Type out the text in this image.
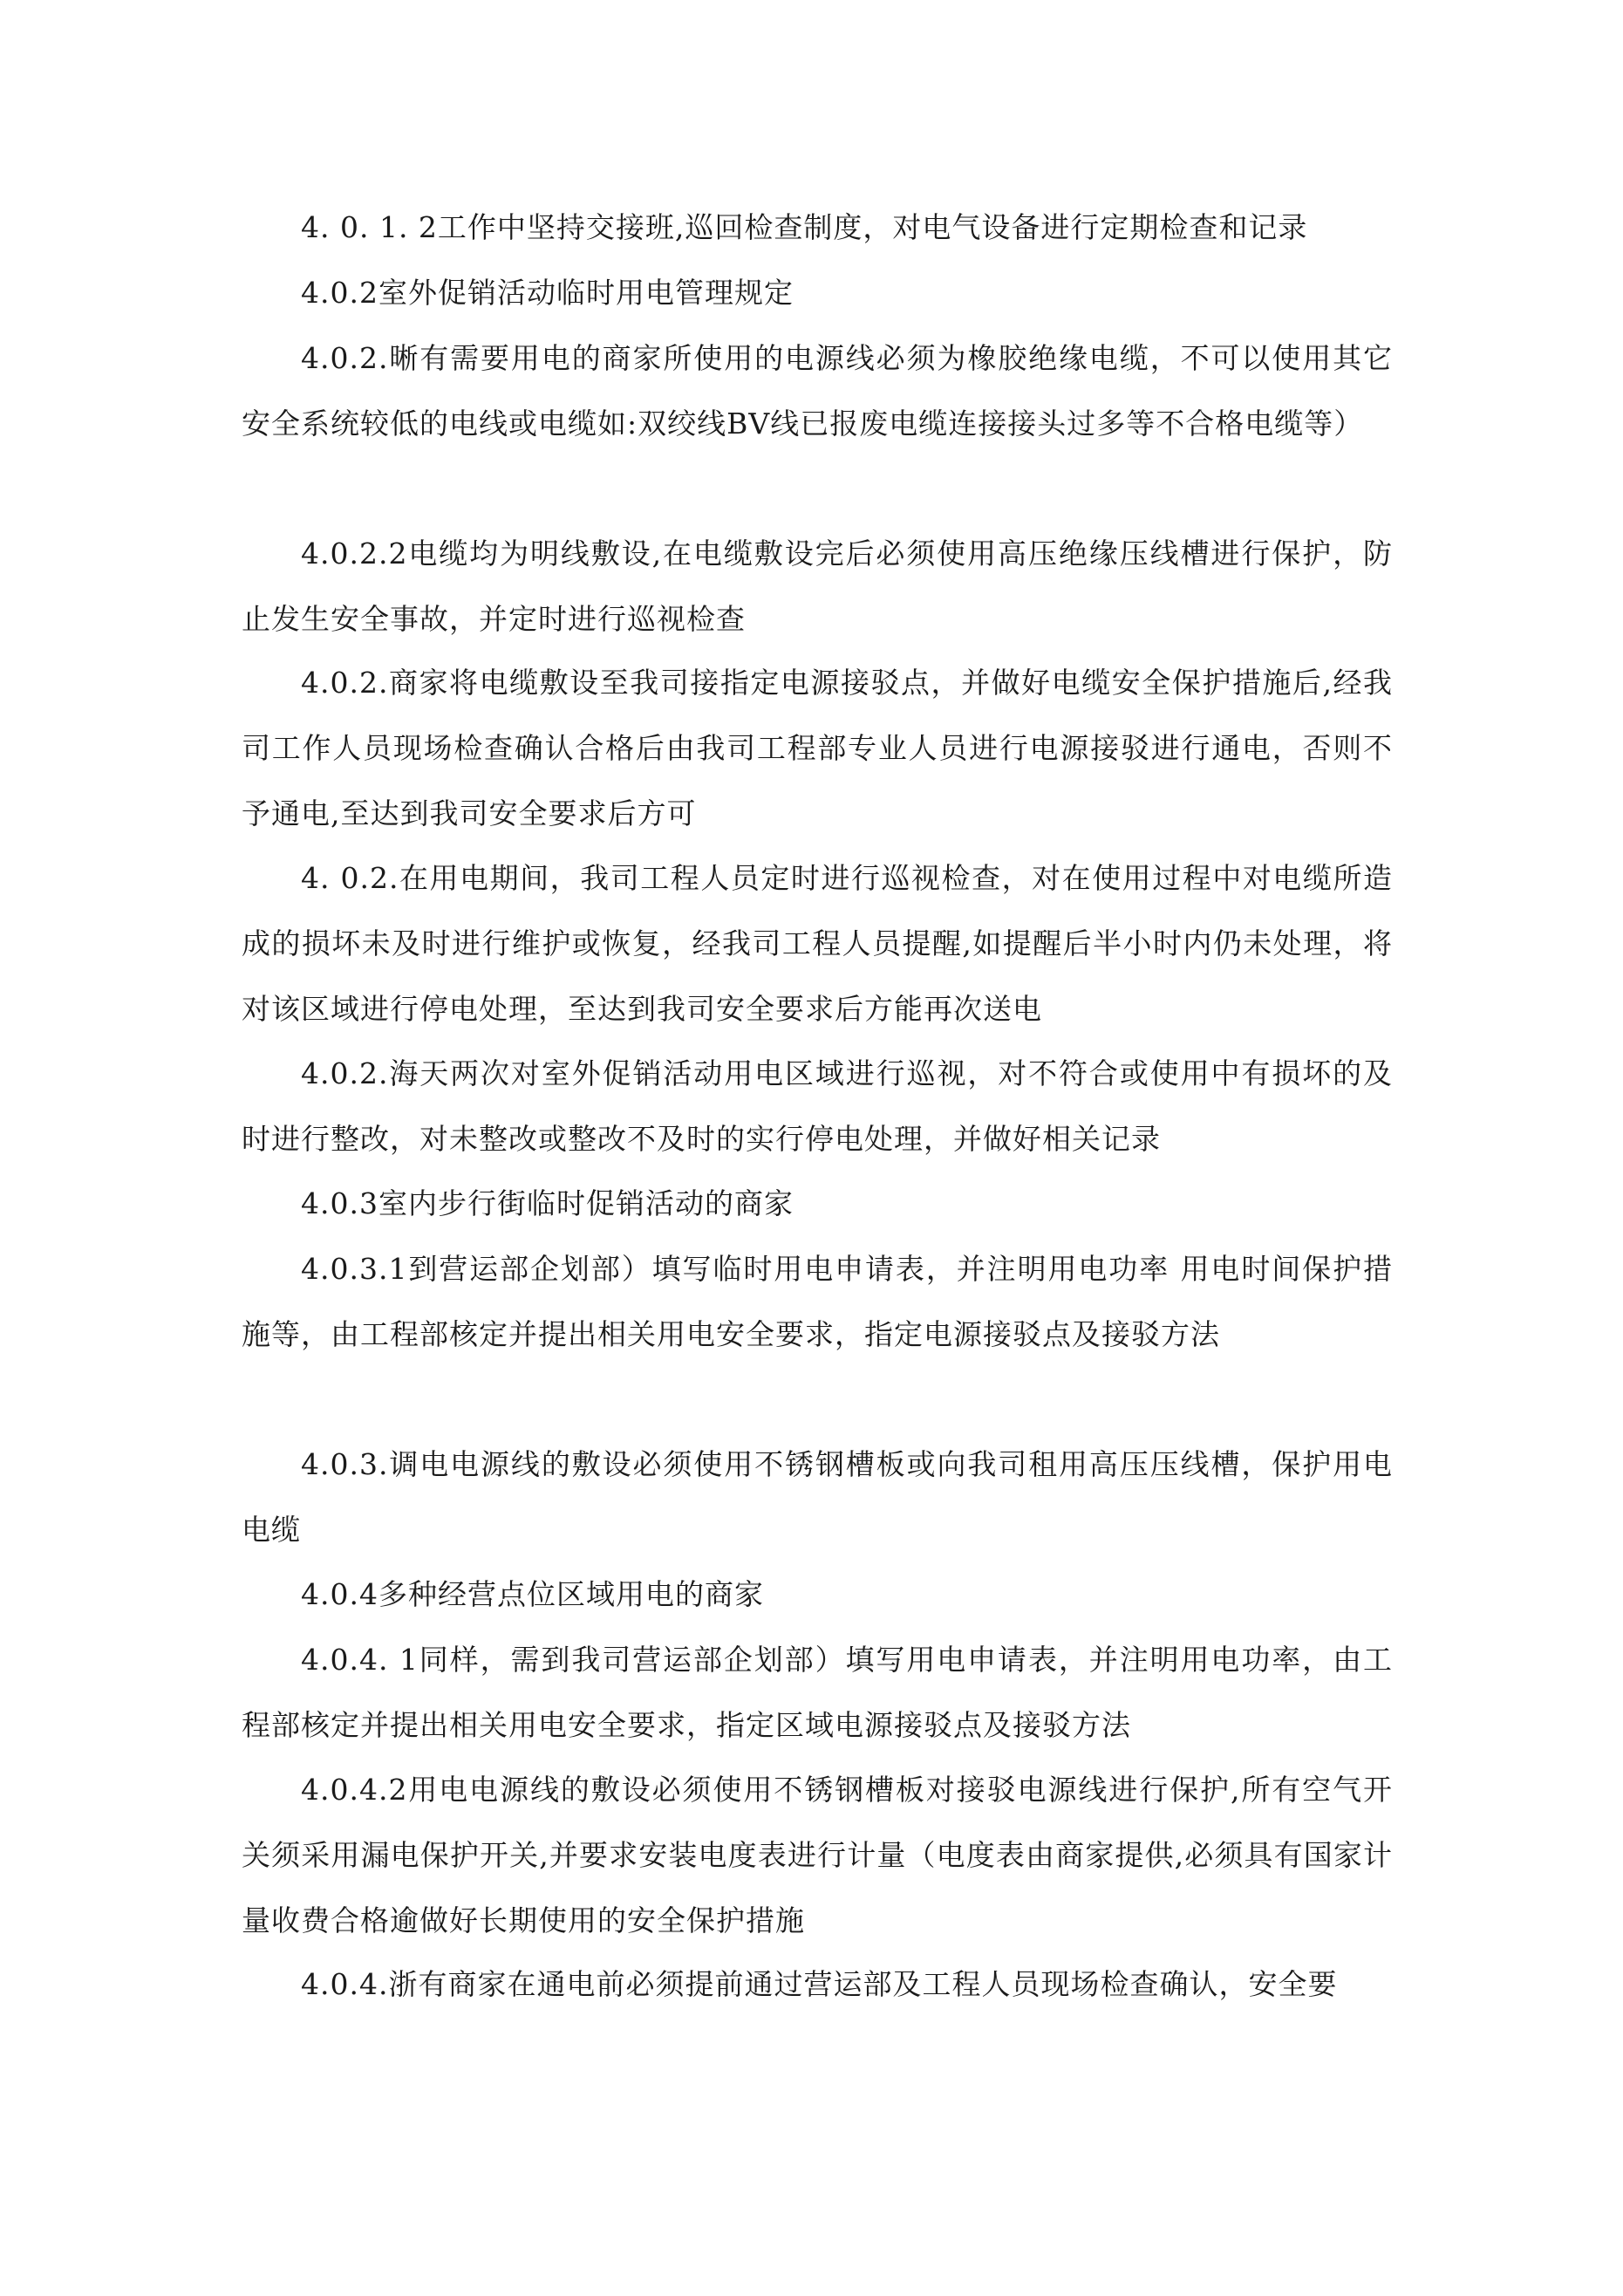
4. 0. 1. 2工作中坚持交接班,巡回检查制度，对电气设备进行定期检查和记录

4.0.2室外促销活动临时用电管理规定

4.0.2.晰有需要用电的商家所使用的电源线必须为橡胶绝缘电缆，不可以使用其它安全系统较低的电线或电缆如:双绞线BV线已报废电缆连接接头过多等不合格电缆等）

4.0.2.2电缆均为明线敷设,在电缆敷设完后必须使用高压绝缘压线槽进行保护，防止发生安全事故，并定时进行巡视检查

4.0.2.商家将电缆敷设至我司接指定电源接驳点，并做好电缆安全保护措施后,经我司工作人员现场检查确认合格后由我司工程部专业人员进行电源接驳进行通电，否则不予通电,至达到我司安全要求后方可

4. 0.2.在用电期间，我司工程人员定时进行巡视检查，对在使用过程中对电缆所造成的损坏未及时进行维护或恢复，经我司工程人员提醒,如提醒后半小时内仍未处理，将对该区域进行停电处理，至达到我司安全要求后方能再次送电

4.0.2.海天两次对室外促销活动用电区域进行巡视，对不符合或使用中有损坏的及时进行整改，对未整改或整改不及时的实行停电处理，并做好相关记录

4.0.3室内步行街临时促销活动的商家

4.0.3.1到营运部企划部）填写临时用电申请表，并注明用电功率 用电时间保护措施等，由工程部核定并提出相关用电安全要求，指定电源接驳点及接驳方法

4.0.3.调电电源线的敷设必须使用不锈钢槽板或向我司租用高压压线槽，保护用电电缆

4.0.4多种经营点位区域用电的商家

4.0.4. 1同样，需到我司营运部企划部）填写用电申请表，并注明用电功率，由工程部核定并提出相关用电安全要求，指定区域电源接驳点及接驳方法

4.0.4.2用电电源线的敷设必须使用不锈钢槽板对接驳电源线进行保护,所有空气开关须采用漏电保护开关,并要求安装电度表进行计量（电度表由商家提供,必须具有国家计量收费合格逾做好长期使用的安全保护措施

4.0.4.浙有商家在通电前必须提前通过营运部及工程人员现场检查确认，安全要
